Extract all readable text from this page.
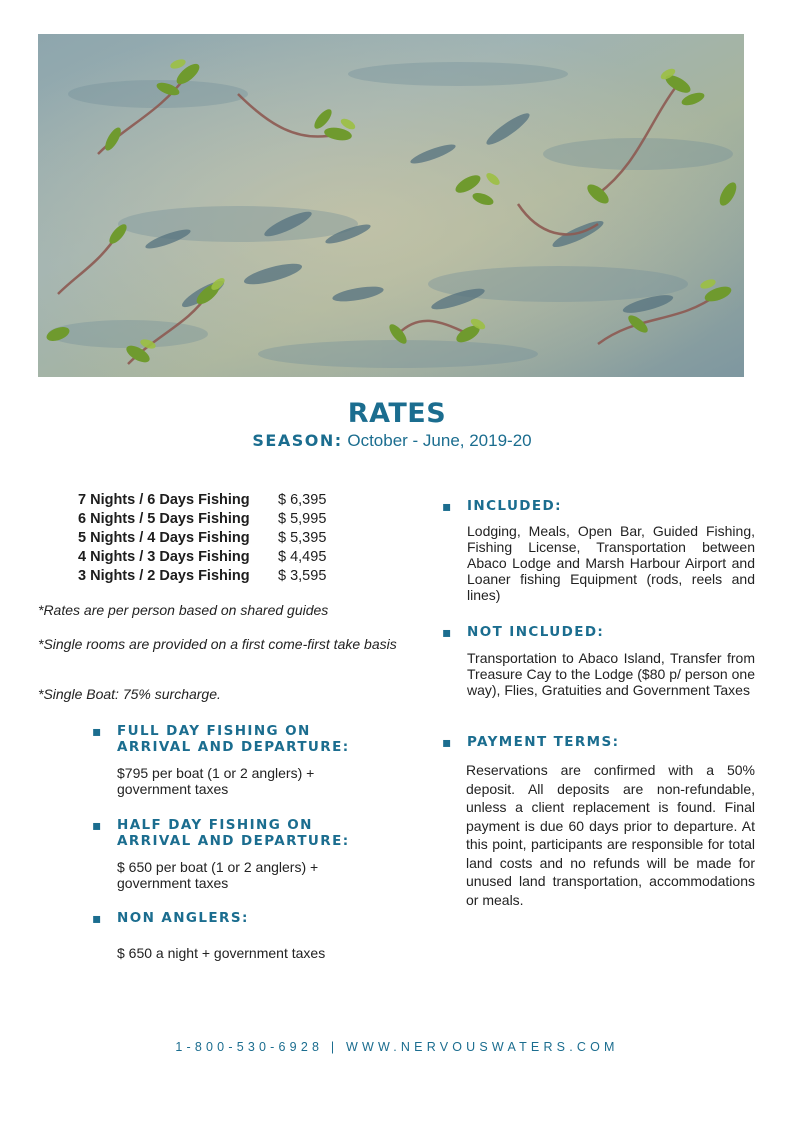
RATES
SEASON: October - June, 2019-20
7 Nights / 6 Days Fishing	$ 6,395
6 Nights / 5 Days Fishing	$ 5,995
5 Nights / 4 Days Fishing	$ 5,395
4 Nights / 3 Days Fishing	$ 4,495
3 Nights / 2 Days Fishing	$ 3,595
*Rates are per person based on shared guides
*Single rooms are provided on a first come-first take basis
*Single Boat: 75% surcharge.
▪ FULL DAY FISHING ON
ARRIVAL AND DEPARTURE:
$795 per boat (1 or 2 anglers) + government taxes
▪ HALF DAY FISHING ON
ARRIVAL AND DEPARTURE:
$ 650 per boat (1 or 2 anglers) + government taxes
▪ NON ANGLERS:
$ 650 a night + government taxes
▪ INCLUDED:
Lodging, Meals, Open Bar, Guided Fishing, Fishing License, Transportation between Abaco Lodge and Marsh Harbour Airport and Loaner fishing Equipment (rods, reels and lines)
▪ NOT INCLUDED:
Transportation to Abaco Island, Transfer from Treasure Cay to the Lodge ($80 p/ person one way), Flies, Gratuities and Government Taxes
▪ PAYMENT TERMS:
Reservations are confirmed with a 50% deposit. All deposits are non-refundable, unless a client replacement is found. Final payment is due 60 days prior to departure. At this point, participants are responsible for total land costs and no refunds will be made for unused land transportation, accommodations or meals.
1-800-530-6928 | WWW.NERVOUSWATERS.COM
